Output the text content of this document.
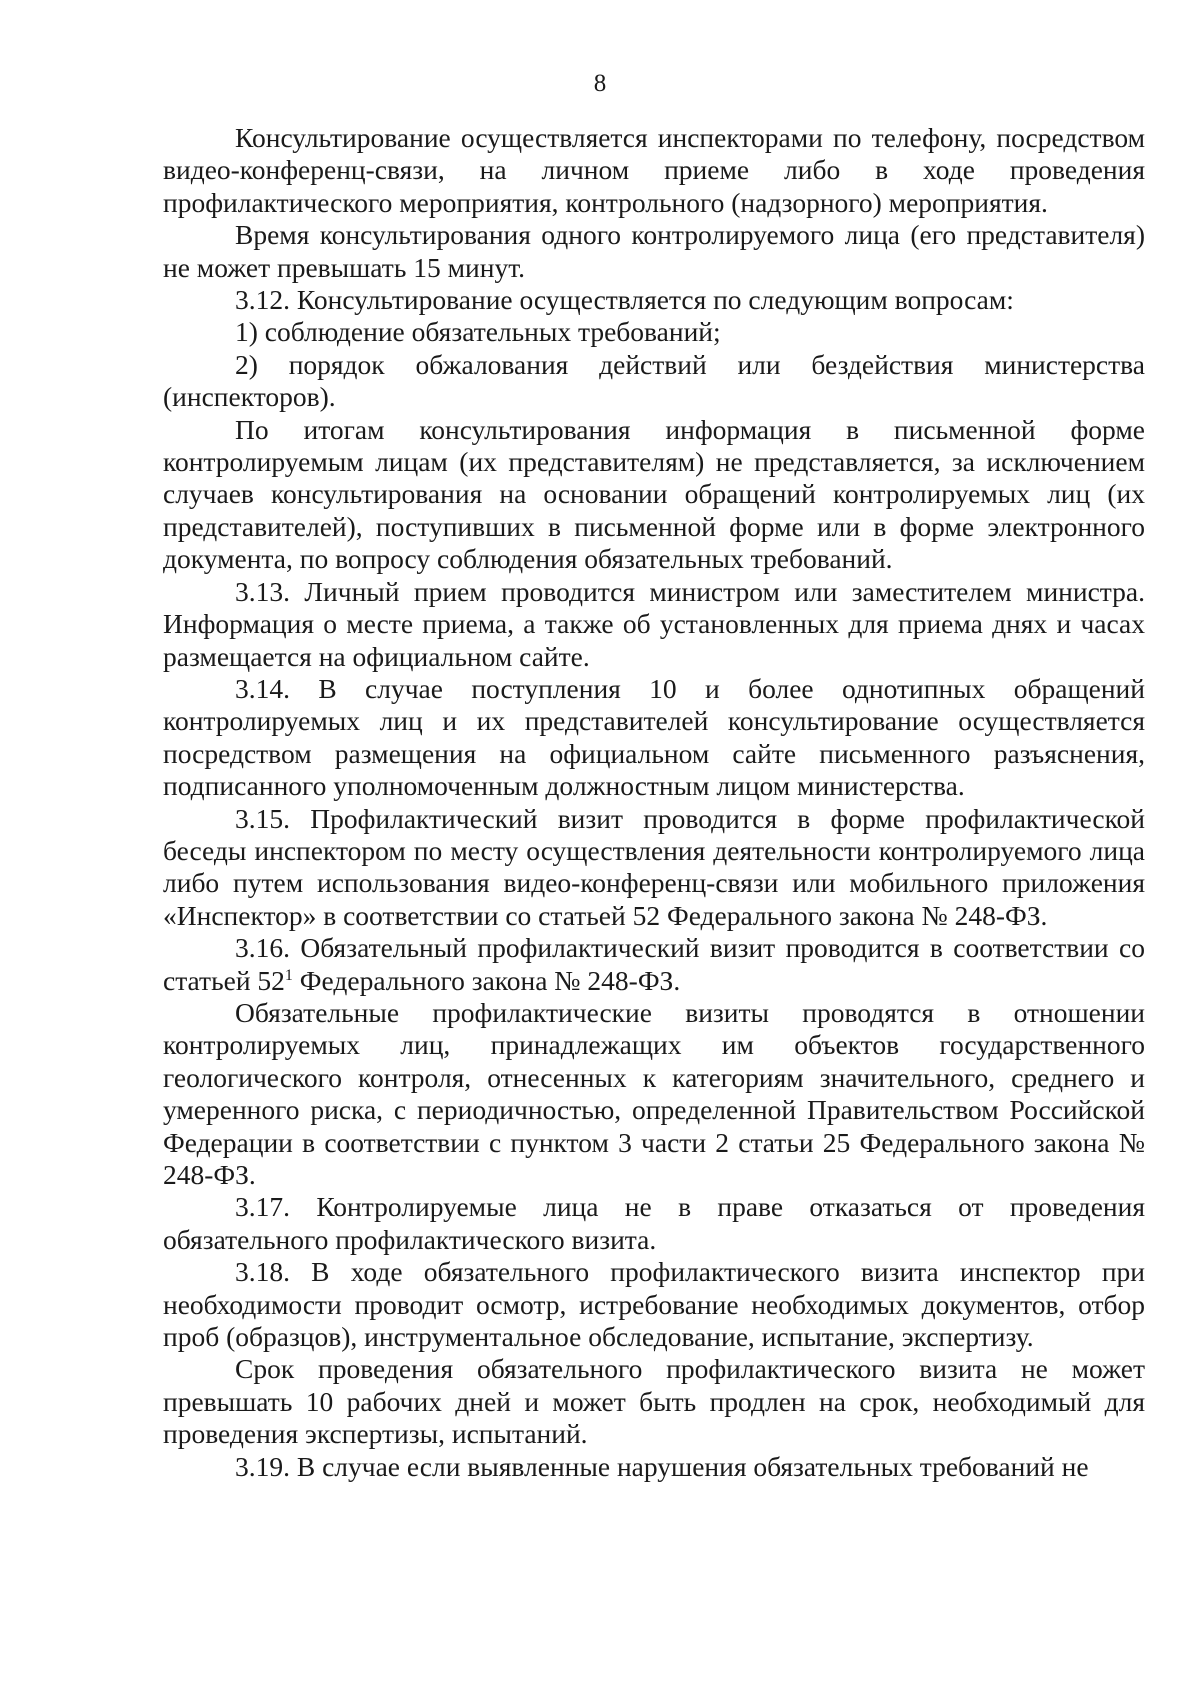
8

Консультирование осуществляется инспекторами по телефону, посредством видео-конференц-связи, на личном приеме либо в ходе проведения профилактического мероприятия, контрольного (надзорного) мероприятия.

Время консультирования одного контролируемого лица (его представителя) не может превышать 15 минут.

3.12. Консультирование осуществляется по следующим вопросам:

1) соблюдение обязательных требований;

2) порядок обжалования действий или бездействия министерства (инспекторов).

По итогам консультирования информация в письменной форме контролируемым лицам (их представителям) не представляется, за исключением случаев консультирования на основании обращений контролируемых лиц (их представителей), поступивших в письменной форме или в форме электронного документа, по вопросу соблюдения обязательных требований.

3.13. Личный прием проводится министром или заместителем министра. Информация о месте приема, а также об установленных для приема днях и часах размещается на официальном сайте.

3.14. В случае поступления 10 и более однотипных обращений контролируемых лиц и их представителей консультирование осуществляется посредством размещения на официальном сайте письменного разъяснения, подписанного уполномоченным должностным лицом министерства.

3.15. Профилактический визит проводится в форме профилактической беседы инспектором по месту осуществления деятельности контролируемого лица либо путем использования видео-конференц-связи или мобильного приложения «Инспектор» в соответствии со статьей 52 Федерального закона № 248-ФЗ.

3.16. Обязательный профилактический визит проводится в соответствии со статьей $52^1$ Федерального закона № 248-ФЗ.

Обязательные профилактические визиты проводятся в отношении контролируемых лиц, принадлежащих им объектов государственного геологического контроля, отнесенных к категориям значительного, среднего и умеренного риска, с периодичностью, определенной Правительством Российской Федерации в соответствии с пунктом 3 части 2 статьи 25 Федерального закона № 248-ФЗ.

3.17. Контролируемые лица не в праве отказаться от проведения обязательного профилактического визита.

3.18. В ходе обязательного профилактического визита инспектор при необходимости проводит осмотр, истребование необходимых документов, отбор проб (образцов), инструментальное обследование, испытание, экспертизу.

Срок проведения обязательного профилактического визита не может превышать 10 рабочих дней и может быть продлен на срок, необходимый для проведения экспертизы, испытаний.

3.19. В случае если выявленные нарушения обязательных требований не
